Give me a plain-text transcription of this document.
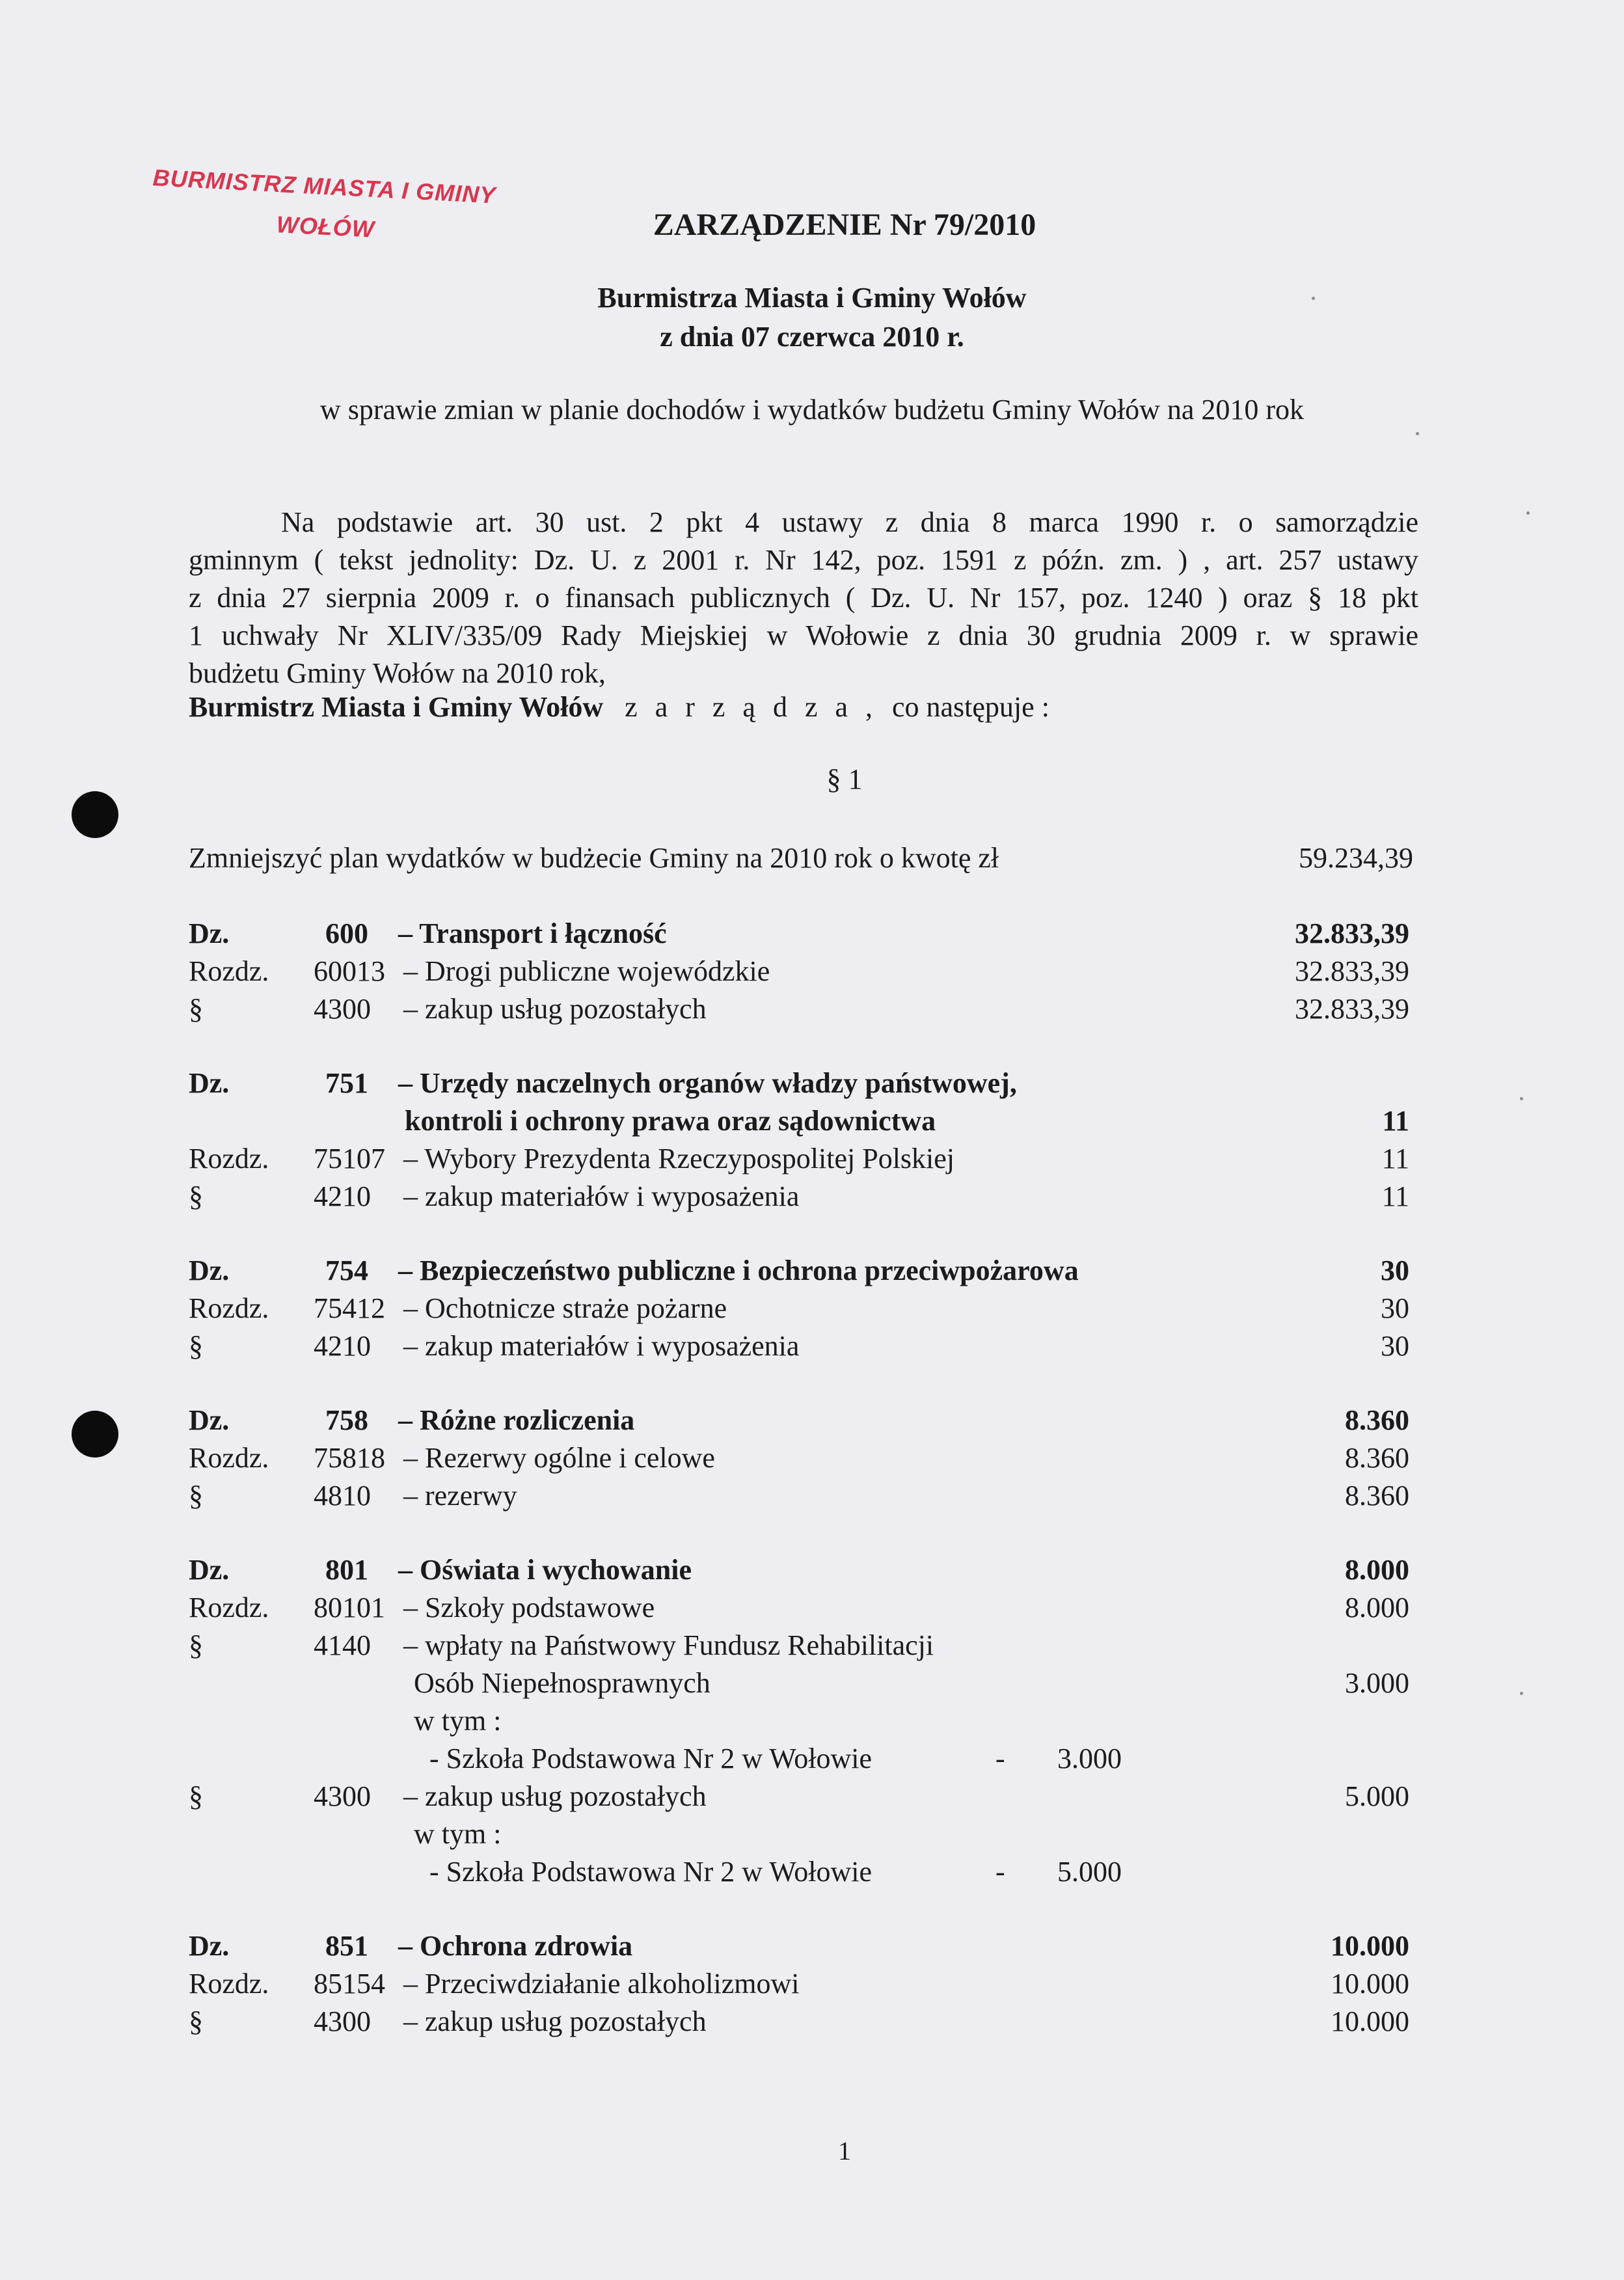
BURMISTRZ MIASTA I GMINY
WOŁÓW	ZARZĄDZENIE Nr 79/2010
Burmistrza Miasta i Gminy Wołów
z dnia 07 czerwca 2010 r.
w sprawie zmian w planie dochodów i wydatków budżetu Gminy Wołów na 2010 rok
Na podstawie art. 30 ust. 2 pkt 4 ustawy z dnia 8 marca 1990 r. o samorządzie
gminnym ( tekst jednolity: Dz. U. z 2001 r. Nr 142, poz. 1591 z późn. zm. ) , art. 257 ustawy
z dnia 27 sierpnia 2009 r. o finansach publicznych ( Dz. U. Nr 157, poz. 1240 ) oraz § 18 pkt
1 uchwały Nr XLIV/335/09 Rady Miejskiej w Wołowie z dnia 30 grudnia 2009 r. w sprawie
budżetu Gminy Wołów na 2010 rok,
Burmistrz Miasta i Gminy Wołów z a r z ą d z a , co następuje :
§ 1
Zmniejszyć plan wydatków w budżecie Gminy na 2010 rok o kwotę zł	59.234,39
Dz.	600 – Transport i łączność	32.833,39
Rozdz. 60013 – Drogi publiczne wojewódzkie	32.833,39
§	4300 – zakup usług pozostałych	32.833,39
Dz.	751 – Urzędy naczelnych organów władzy państwowej,
kontroli i ochrony prawa oraz sądownictwa	11
Rozdz. 75107 – Wybory Prezydenta Rzeczypospolitej Polskiej	11
§	4210 – zakup materiałów i wyposażenia	11
Dz.	754 – Bezpieczeństwo publiczne i ochrona przeciwpożarowa	30
Rozdz. 75412 – Ochotnicze straże pożarne	30
§	4210 – zakup materiałów i wyposażenia	30
Dz.	758 – Różne rozliczenia	8.360
Rozdz. 75818 – Rezerwy ogólne i celowe	8.360
§	4810 – rezerwy	8.360
Dz.	801 – Oświata i wychowanie	8.000
Rozdz. 80101 – Szkoły podstawowe	8.000
§	4140 – wpłaty na Państwowy Fundusz Rehabilitacji
Osób Niepełnosprawnych	3.000
w tym :
- Szkoła Podstawowa Nr 2 w Wołowie	-	3.000
§	4300 – zakup usług pozostałych	5.000
w tym :
- Szkoła Podstawowa Nr 2 w Wołowie	-	5.000
Dz.	851 – Ochrona zdrowia	10.000
Rozdz. 85154 – Przeciwdziałanie alkoholizmowi	10.000
§	4300 – zakup usług pozostałych	10.000
1
